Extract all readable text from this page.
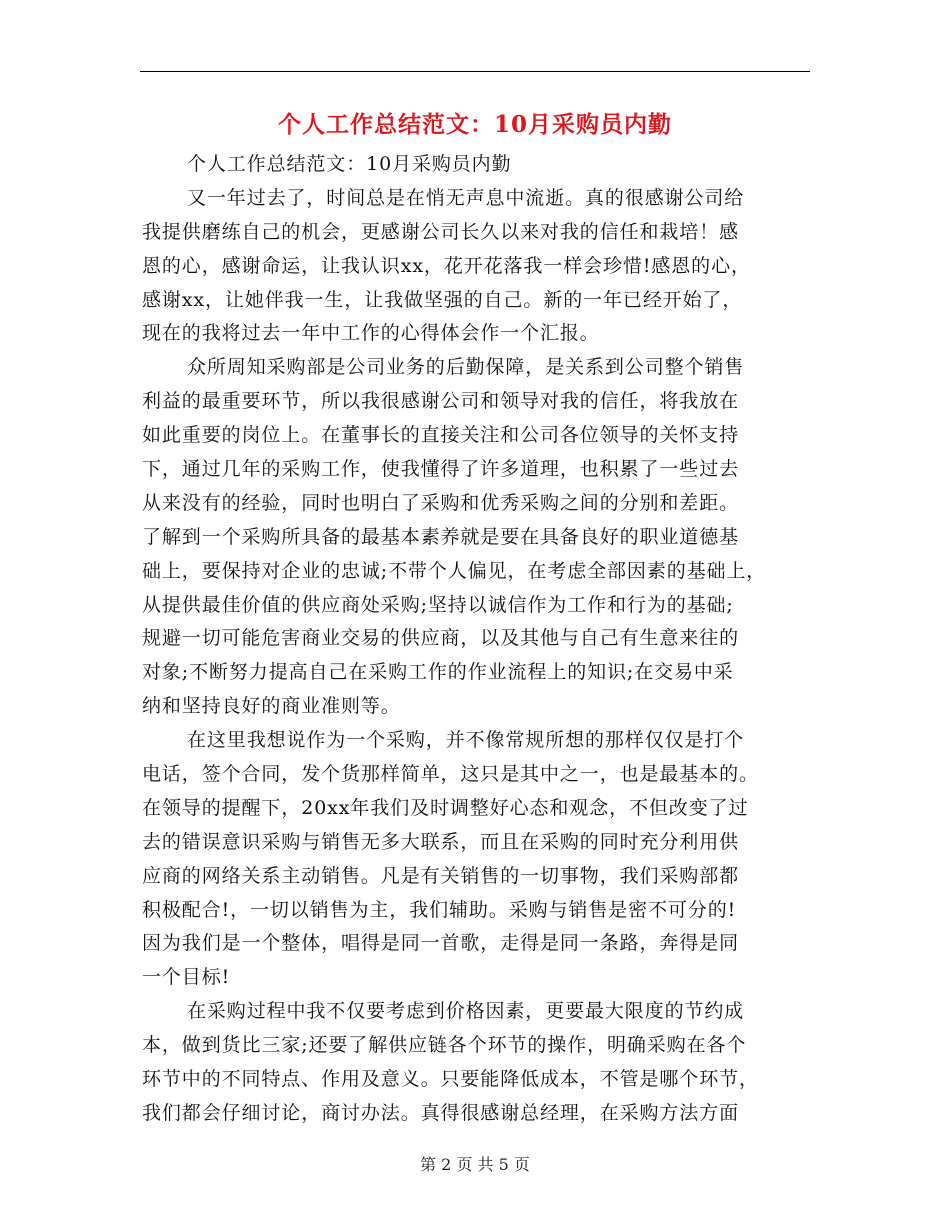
个人工作总结范文：10月采购员内勤
个人工作总结范文：10月采购员内勤
又一年过去了，时间总是在悄无声息中流逝。真的很感谢公司给
我提供磨练自己的机会，更感谢公司长久以来对我的信任和栽培！感
恩的心，感谢命运，让我认识xx，花开花落我一样会珍惜!感恩的心，
感谢xx，让她伴我一生，让我做坚强的自己。新的一年已经开始了，
现在的我将过去一年中工作的心得体会作一个汇报。
众所周知采购部是公司业务的后勤保障，是关系到公司整个销售
利益的最重要环节，所以我很感谢公司和领导对我的信任，将我放在
如此重要的岗位上。在董事长的直接关注和公司各位领导的关怀支持
下，通过几年的采购工作，使我懂得了许多道理，也积累了一些过去
从来没有的经验，同时也明白了采购和优秀采购之间的分别和差距。
了解到一个采购所具备的最基本素养就是要在具备良好的职业道德基
础上，要保持对企业的忠诚;不带个人偏见，在考虑全部因素的基础上，
从提供最佳价值的供应商处采购;坚持以诚信作为工作和行为的基础;
规避一切可能危害商业交易的供应商，以及其他与自己有生意来往的
对象;不断努力提高自己在采购工作的作业流程上的知识;在交易中采
纳和坚持良好的商业准则等。
在这里我想说作为一个采购，并不像常规所想的那样仅仅是打个
电话，签个合同，发个货那样简单，这只是其中之一，也是最基本的。
在领导的提醒下，20xx年我们及时调整好心态和观念，不但改变了过
去的错误意识采购与销售无多大联系，而且在采购的同时充分利用供
应商的网络关系主动销售。凡是有关销售的一切事物，我们采购部都
积极配合!，一切以销售为主，我们辅助。采购与销售是密不可分的!
因为我们是一个整体，唱得是同一首歌，走得是同一条路，奔得是同
一个目标!
在采购过程中我不仅要考虑到价格因素，更要最大限度的节约成
本，做到货比三家;还要了解供应链各个环节的操作，明确采购在各个
环节中的不同特点、作用及意义。只要能降低成本，不管是哪个环节，
我们都会仔细讨论，商讨办法。真得很感谢总经理，在采购方法方面
第 2 页 共 5 页
